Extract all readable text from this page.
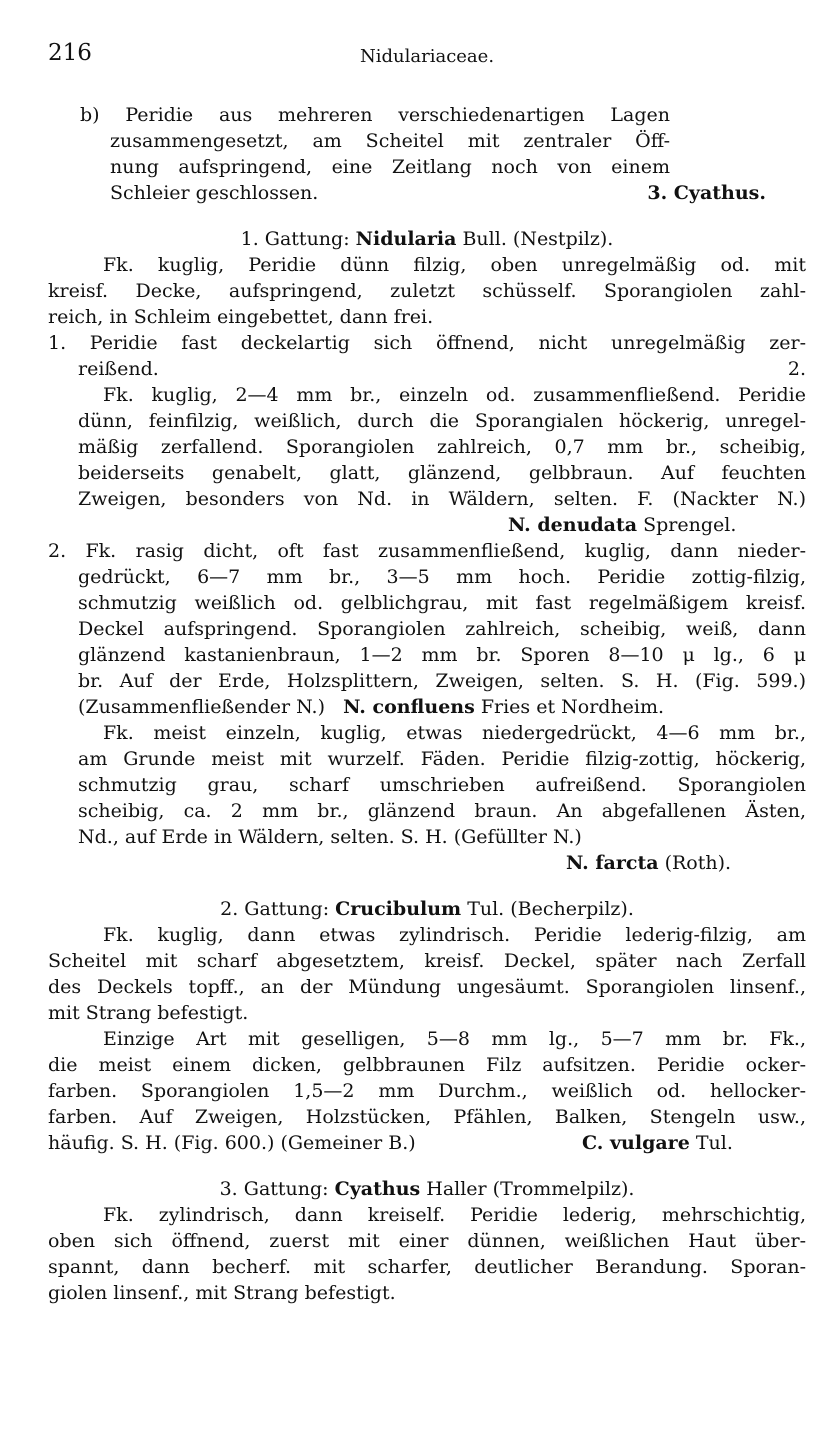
216	Nidulariaceae.
b) Peridie aus mehreren verschiedenartigen Lagen
zusammengesetzt, am Scheitel mit zentraler Öff-
nung aufspringend, eine Zeitlang noch von einem
Schleier geschlossen.	3. Cyathus.
1. Gattung: Nidularia Bull. (Nestpilz).
Fk. kuglig, Peridie dünn filzig, oben unregelmäßig od. mit
kreisf. Decke, aufspringend, zuletzt schüsself. Sporangiolen zahl-
reich, in Schleim eingebettet, dann frei.
1. Peridie fast deckelartig sich öffnend, nicht unregelmäßig zer-
reißend.	2.
Fk. kuglig, 2—4 mm br., einzeln od. zusammenfließend. Peridie
dünn, feinfilzig, weißlich, durch die Sporangialen höckerig, unregel-
mäßig zerfallend. Sporangiolen zahlreich, 0,7 mm br., scheibig,
beiderseits genabelt, glatt, glänzend, gelbbraun. Auf feuchten
Zweigen, besonders von Nd. in Wäldern, selten. F. (Nackter N.)
N. denudata Sprengel.
2. Fk. rasig dicht, oft fast zusammenfließend, kuglig, dann nieder-
gedrückt, 6—7 mm br., 3—5 mm hoch. Peridie zottig-filzig,
schmutzig weißlich od. gelblichgrau, mit fast regelmäßigem kreisf.
Deckel aufspringend. Sporangiolen zahlreich, scheibig, weiß, dann
glänzend kastanienbraun, 1—2 mm br. Sporen 8—10 μ lg., 6 μ
br. Auf der Erde, Holzsplittern, Zweigen, selten. S. H. (Fig. 599.)
(Zusammenfließender N.) N. confluens Fries et Nordheim.
Fk. meist einzeln, kuglig, etwas niedergedrückt, 4—6 mm br.,
am Grunde meist mit wurzelf. Fäden. Peridie filzig-zottig, höckerig,
schmutzig grau, scharf umschrieben aufreißend. Sporangiolen
scheibig, ca. 2 mm br., glänzend braun. An abgefallenen Ästen,
Nd., auf Erde in Wäldern, selten. S. H. (Gefüllter N.)
N. farcta (Roth).
2. Gattung: Crucibulum Tul. (Becherpilz).
Fk. kuglig, dann etwas zylindrisch. Peridie lederig-filzig, am
Scheitel mit scharf abgesetztem, kreisf. Deckel, später nach Zerfall
des Deckels topff., an der Mündung ungesäumt. Sporangiolen linsenf.,
mit Strang befestigt.
Einzige Art mit geselligen, 5—8 mm lg., 5—7 mm br. Fk.,
die meist einem dicken, gelbbraunen Filz aufsitzen. Peridie ocker-
farben. Sporangiolen 1,5—2 mm Durchm., weißlich od. hellocker-
farben. Auf Zweigen, Holzstücken, Pfählen, Balken, Stengeln usw.,
häufig. S. H. (Fig. 600.) (Gemeiner B.)	C. vulgare Tul.
3. Gattung: Cyathus Haller (Trommelpilz).
Fk. zylindrisch, dann kreiself. Peridie lederig, mehrschichtig,
oben sich öffnend, zuerst mit einer dünnen, weißlichen Haut über-
spannt, dann becherf. mit scharfer, deutlicher Berandung. Sporan-
giolen linsenf., mit Strang befestigt.
